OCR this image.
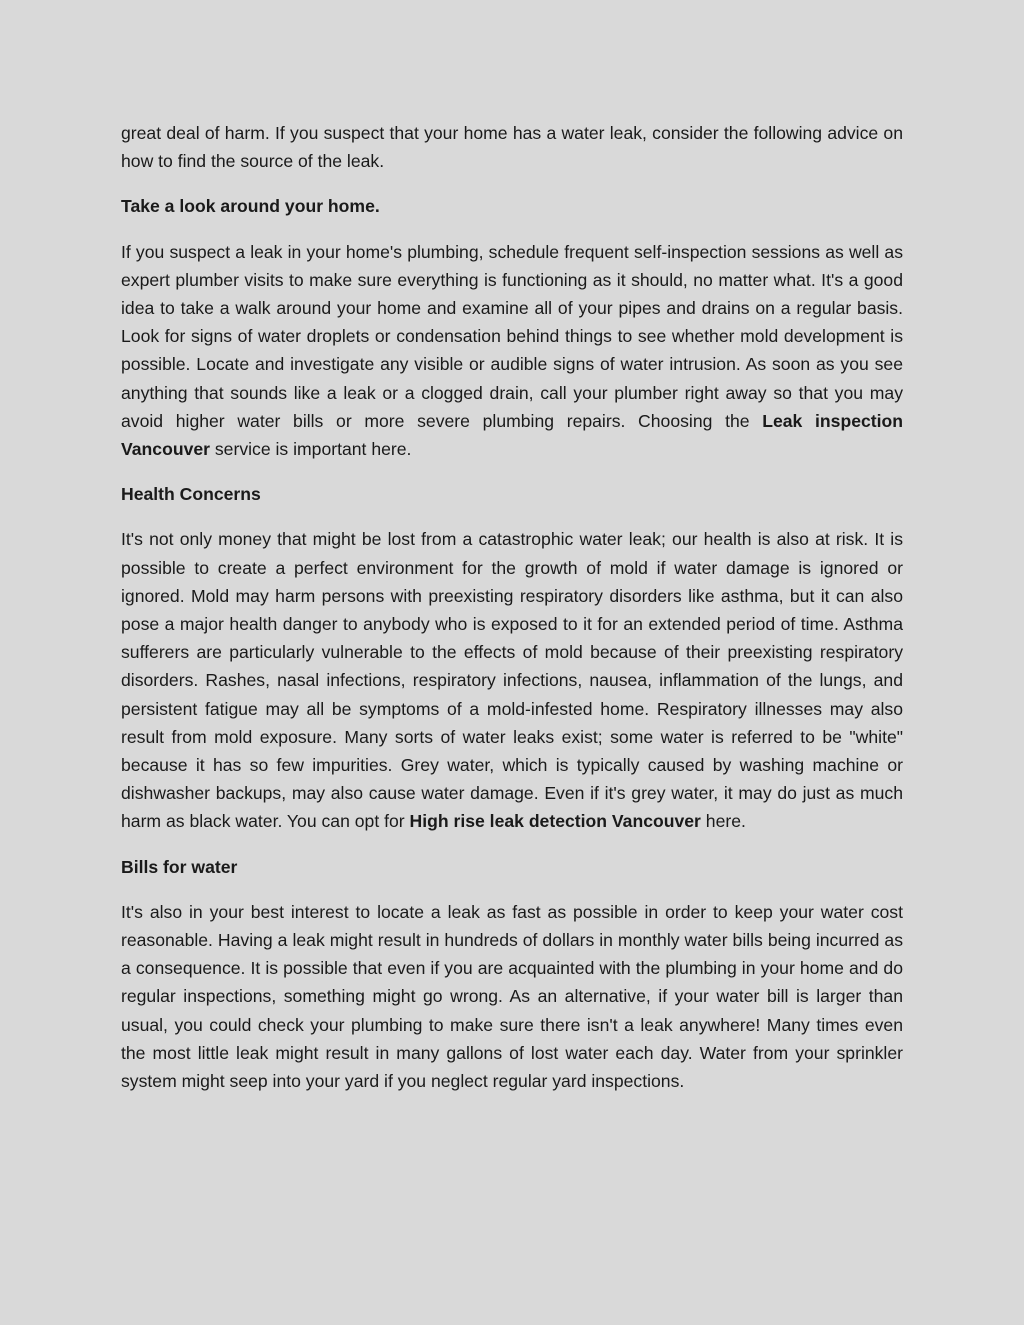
great deal of harm. If you suspect that your home has a water leak, consider the following advice on how to find the source of the leak.

Take a look around your home.

If you suspect a leak in your home's plumbing, schedule frequent self-inspection sessions as well as expert plumber visits to make sure everything is functioning as it should, no matter what. It's a good idea to take a walk around your home and examine all of your pipes and drains on a regular basis. Look for signs of water droplets or condensation behind things to see whether mold development is possible. Locate and investigate any visible or audible signs of water intrusion. As soon as you see anything that sounds like a leak or a clogged drain, call your plumber right away so that you may avoid higher water bills or more severe plumbing repairs. Choosing the Leak inspection Vancouver service is important here.

Health Concerns

It's not only money that might be lost from a catastrophic water leak; our health is also at risk. It is possible to create a perfect environment for the growth of mold if water damage is ignored or ignored. Mold may harm persons with preexisting respiratory disorders like asthma, but it can also pose a major health danger to anybody who is exposed to it for an extended period of time. Asthma sufferers are particularly vulnerable to the effects of mold because of their preexisting respiratory disorders. Rashes, nasal infections, respiratory infections, nausea, inflammation of the lungs, and persistent fatigue may all be symptoms of a mold-infested home. Respiratory illnesses may also result from mold exposure. Many sorts of water leaks exist; some water is referred to be "white" because it has so few impurities. Grey water, which is typically caused by washing machine or dishwasher backups, may also cause water damage. Even if it's grey water, it may do just as much harm as black water. You can opt for High rise leak detection Vancouver here.

Bills for water

It's also in your best interest to locate a leak as fast as possible in order to keep your water cost reasonable. Having a leak might result in hundreds of dollars in monthly water bills being incurred as a consequence. It is possible that even if you are acquainted with the plumbing in your home and do regular inspections, something might go wrong. As an alternative, if your water bill is larger than usual, you could check your plumbing to make sure there isn't a leak anywhere! Many times even the most little leak might result in many gallons of lost water each day. Water from your sprinkler system might seep into your yard if you neglect regular yard inspections.
